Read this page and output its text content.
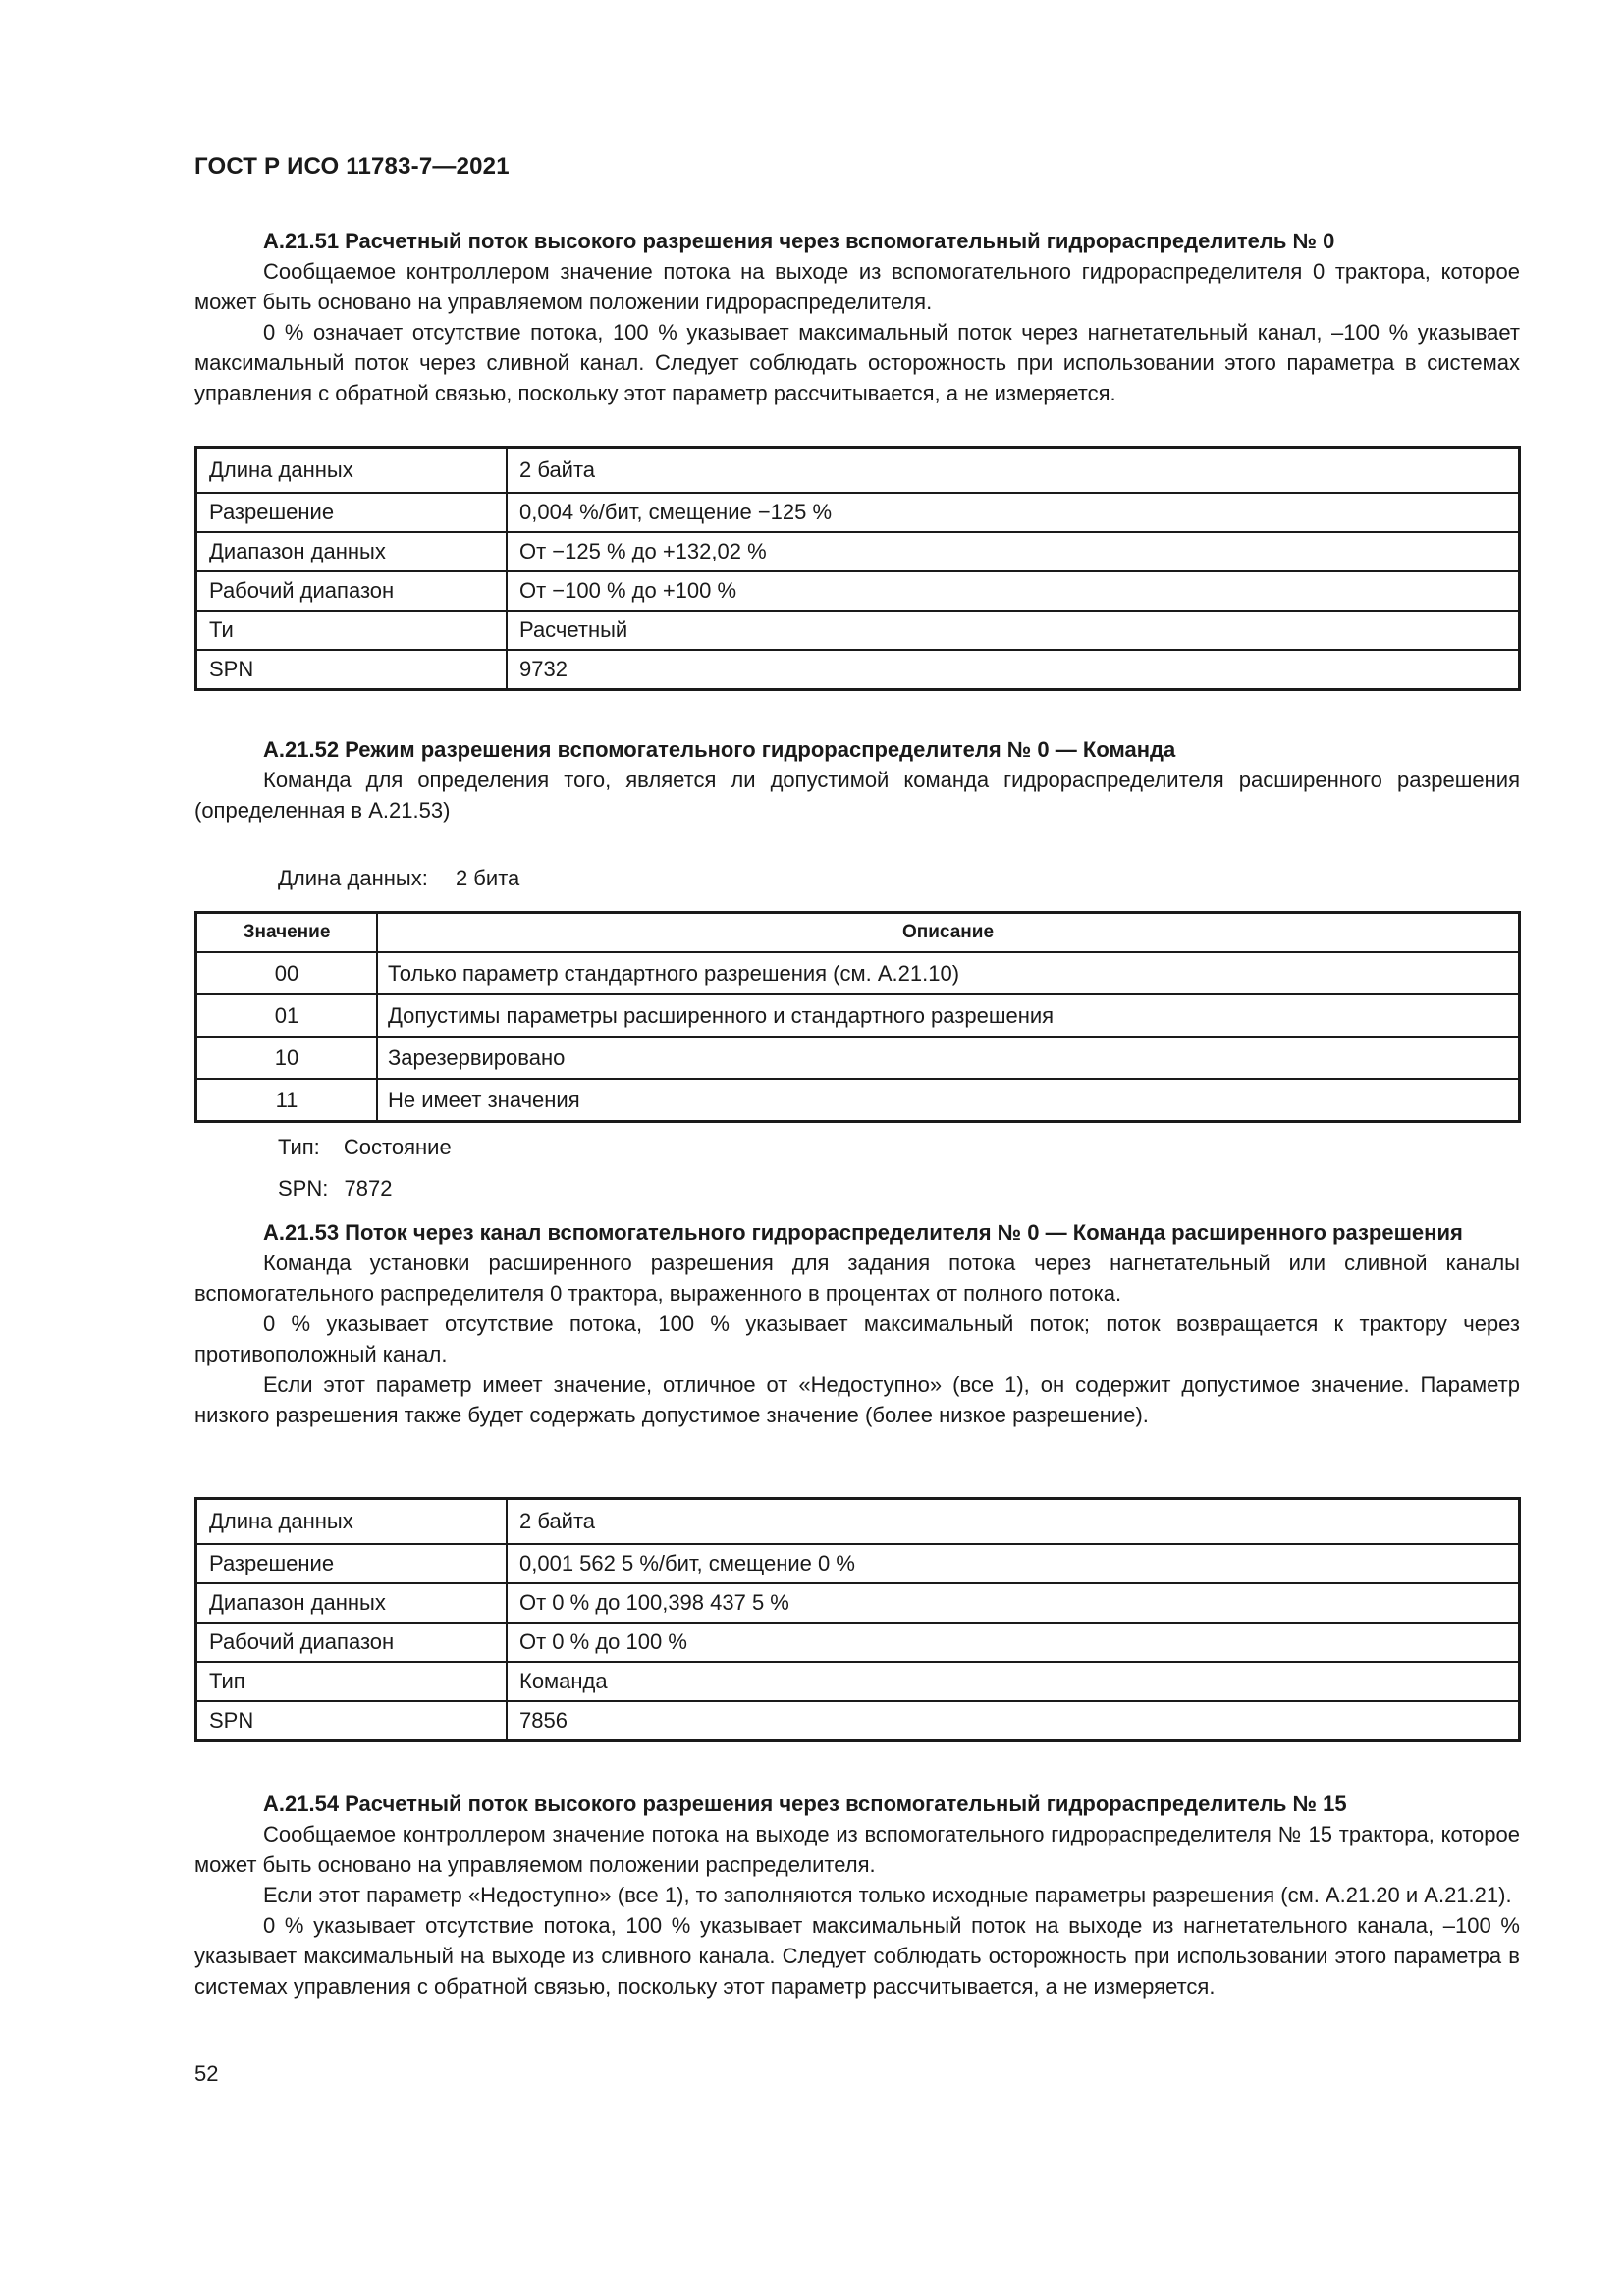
ГОСТ Р ИСО 11783-7—2021

А.21.51 Расчетный поток высокого разрешения через вспомогательный гидрораспределитель № 0

Сообщаемое контроллером значение потока на выходе из вспомогательного гидрораспределителя 0 трактора, которое может быть основано на управляемом положении гидрораспределителя.

0 % означает отсутствие потока, 100 % указывает максимальный поток через нагнетательный канал, –100 % указывает максимальный поток через сливной канал. Следует соблюдать осторожность при использовании этого параметра в системах управления с обратной связью, поскольку этот параметр рассчитывается, а не измеряется.

Длина данных	2 байта
Разрешение	0,004 %/бит, смещение −125 %
Диапазон данных	От −125 % до +132,02 %
Рабочий диапазон	От −100 % до +100 %
Ти	Расчетный
SPN	9732

А.21.52 Режим разрешения вспомогательного гидрораспределителя № 0 — Команда

Команда для определения того, является ли допустимой команда гидрораспределителя расширенного разрешения (определенная в А.21.53)

Длина данных: 2 бита
Значение	Описание
00	Только параметр стандартного разрешения (см. А.21.10)
01	Допустимы параметры расширенного и стандартного разрешения
10	Зарезервировано
11	Не имеет значения
Тип: Состояние
SPN: 7872

А.21.53 Поток через канал вспомогательного гидрораспределителя № 0 — Команда расширенного разрешения

Команда установки расширенного разрешения для задания потока через нагнетательный или сливной каналы вспомогательного распределителя 0 трактора, выраженного в процентах от полного потока.

0 % указывает отсутствие потока, 100 % указывает максимальный поток; поток возвращается к трактору через противоположный канал.

Если этот параметр имеет значение, отличное от «Недоступно» (все 1), он содержит допустимое значение. Параметр низкого разрешения также будет содержать допустимое значение (более низкое разрешение).

Длина данных	2 байта
Разрешение	0,001 562 5 %/бит, смещение 0 %
Диапазон данных	От 0 % до 100,398 437 5 %
Рабочий диапазон	От 0 % до 100 %
Тип	Команда
SPN	7856

А.21.54 Расчетный поток высокого разрешения через вспомогательный гидрораспределитель № 15

Сообщаемое контроллером значение потока на выходе из вспомогательного гидрораспределителя № 15 трактора, которое может быть основано на управляемом положении распределителя.

Если этот параметр «Недоступно» (все 1), то заполняются только исходные параметры разрешения (см. А.21.20 и А.21.21).

0 % указывает отсутствие потока, 100 % указывает максимальный поток на выходе из нагнетательного канала, –100 % указывает максимальный на выходе из сливного канала. Следует соблюдать осторожность при использовании этого параметра в системах управления с обратной связью, поскольку этот параметр рассчитывается, а не измеряется.

52
